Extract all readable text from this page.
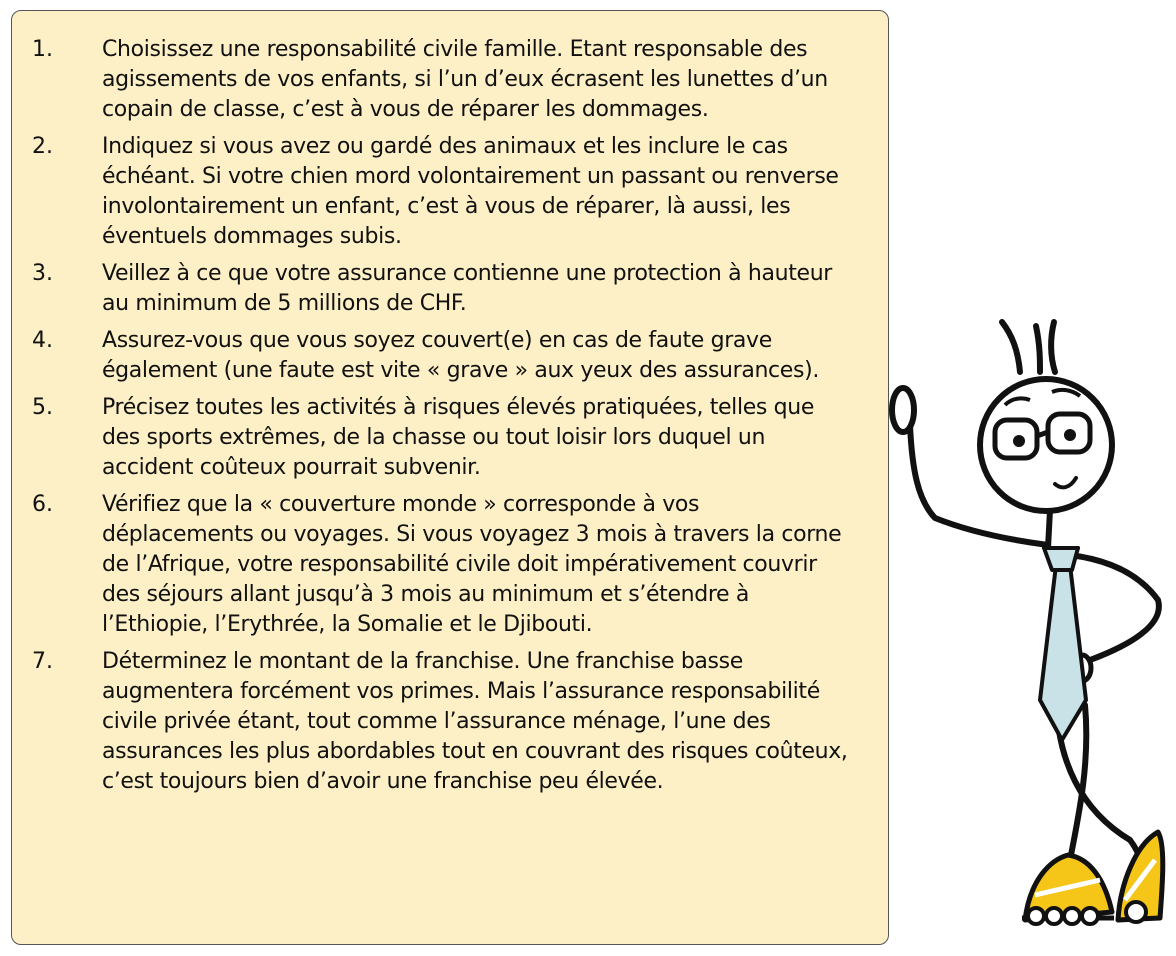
1.	Choisissez une responsabilité civile famille. Etant responsable des agissements de vos enfants, si l’un d’eux écrasent les lunettes d’un copain de classe, c’est à vous de réparer les dommages.
2.	Indiquez si vous avez ou gardé des animaux et les inclure le cas échéant. Si votre chien mord volontairement un passant ou renverse involontairement un enfant, c’est à vous de réparer, là aussi, les éventuels dommages subis.
3.	Veillez à ce que votre assurance contienne une protection à hauteur au minimum de 5 millions de CHF.
4.	Assurez-vous que vous soyez couvert(e) en cas de faute grave également (une faute est vite « grave » aux yeux des assurances).
5.	Précisez toutes les activités à risques élevés pratiquées, telles que des sports extrêmes, de la chasse ou tout loisir lors duquel un accident coûteux pourrait subvenir.
6.	Vérifiez que la « couverture monde » corresponde à vos déplacements ou voyages. Si vous voyagez 3 mois à travers la corne de l’Afrique, votre responsabilité civile doit impérativement couvrir des séjours allant jusqu’à 3 mois au minimum et s’étendre à l’Ethiopie, l’Erythrée, la Somalie et le Djibouti.
7.	Déterminez le montant de la franchise. Une franchise basse augmentera forcément vos primes. Mais l’assurance responsabilité civile privée étant, tout comme l’assurance ménage, l’une des assurances les plus abordables tout en couvrant des risques coûteux, c’est toujours bien d’avoir une franchise peu élevée.
